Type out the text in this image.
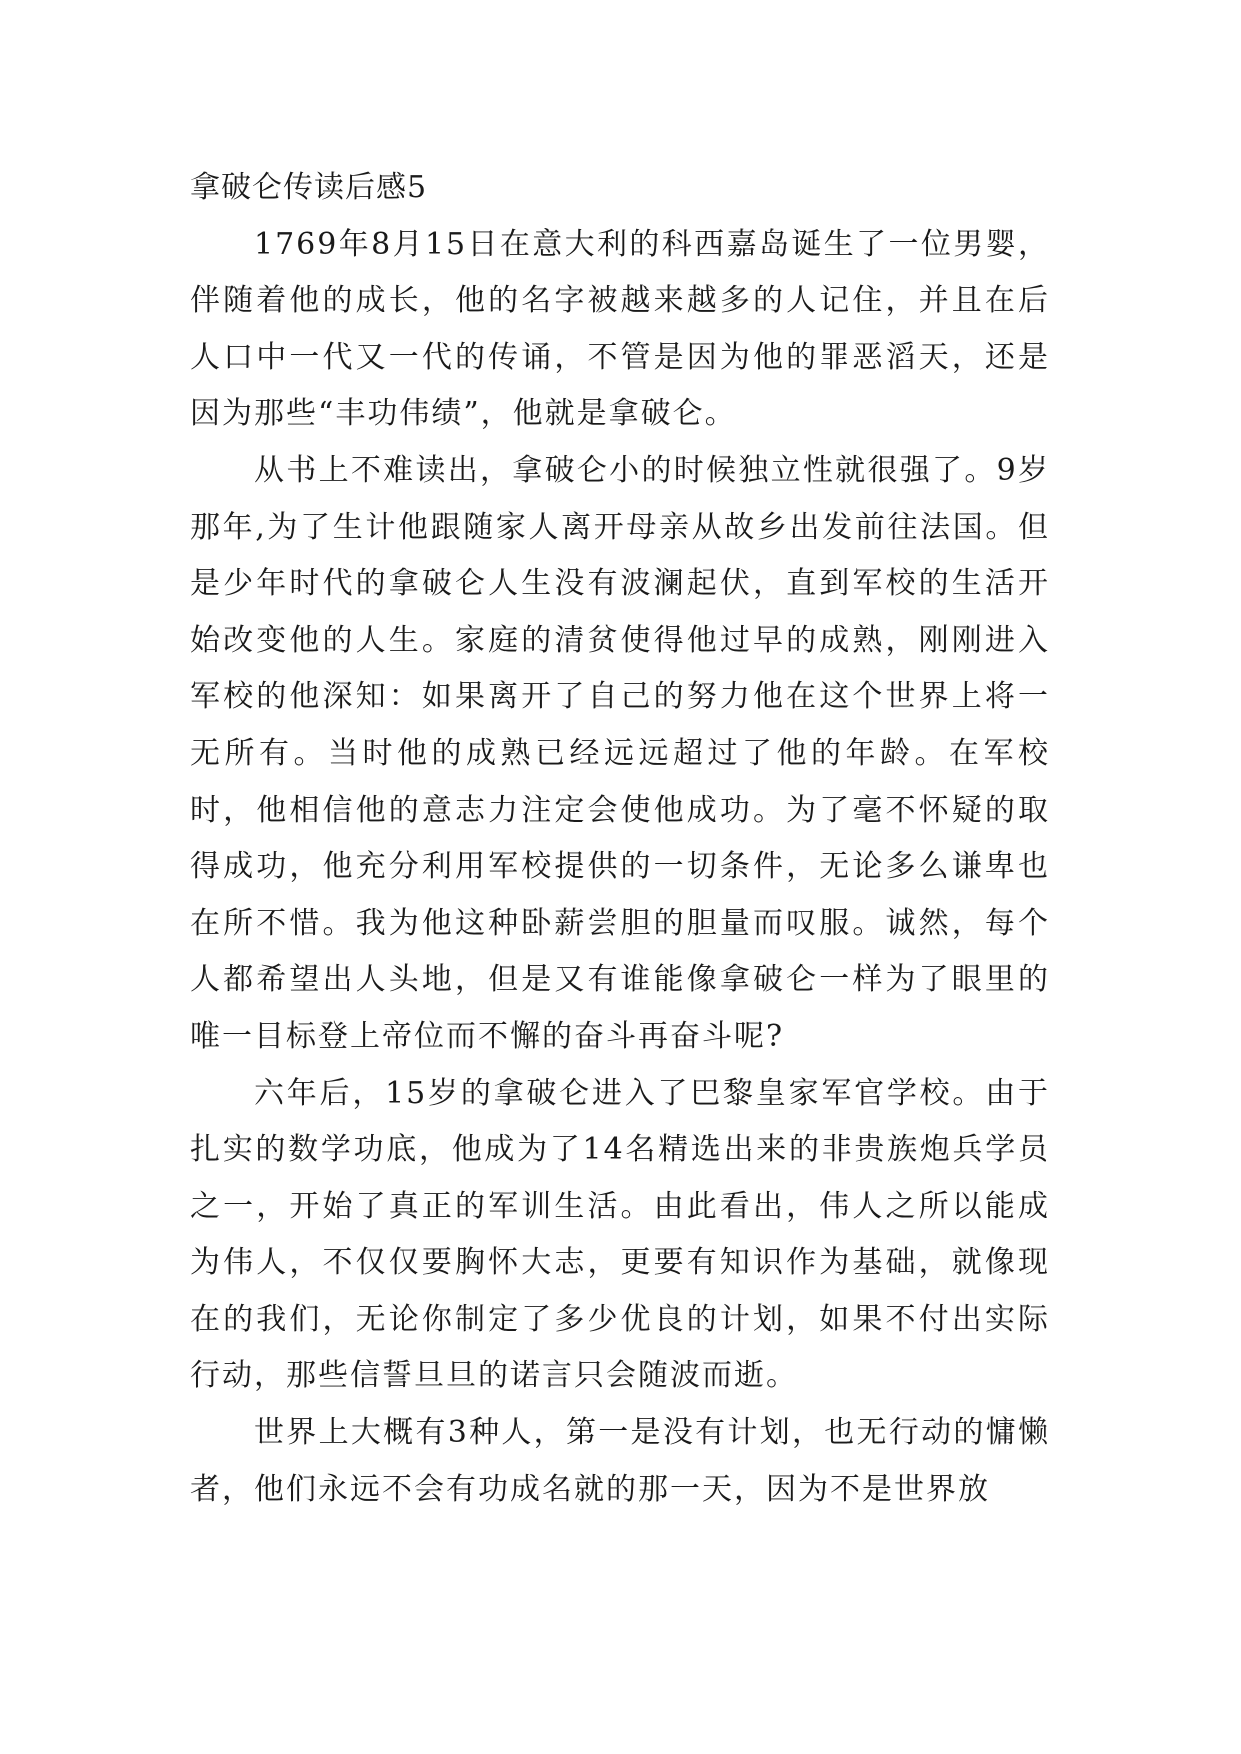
拿破仑传读后感5

1769年8月15日在意大利的科西嘉岛诞生了一位男婴，伴随着他的成长，他的名字被越来越多的人记住，并且在后人口中一代又一代的传诵，不管是因为他的罪恶滔天，还是因为那些“丰功伟绩”，他就是拿破仑。

从书上不难读出，拿破仑小的时候独立性就很强了。9岁那年,为了生计他跟随家人离开母亲从故乡出发前往法国。但是少年时代的拿破仑人生没有波澜起伏，直到军校的生活开始改变他的人生。家庭的清贫使得他过早的成熟，刚刚进入军校的他深知：如果离开了自己的努力他在这个世界上将一无所有。当时他的成熟已经远远超过了他的年龄。在军校时，他相信他的意志力注定会使他成功。为了毫不怀疑的取得成功，他充分利用军校提供的一切条件，无论多么谦卑也在所不惜。我为他这种卧薪尝胆的胆量而叹服。诚然，每个人都希望出人头地，但是又有谁能像拿破仑一样为了眼里的唯一目标登上帝位而不懈的奋斗再奋斗呢?

六年后，15岁的拿破仑进入了巴黎皇家军官学校。由于扎实的数学功底，他成为了14名精选出来的非贵族炮兵学员之一，开始了真正的军训生活。由此看出，伟人之所以能成为伟人，不仅仅要胸怀大志，更要有知识作为基础，就像现在的我们，无论你制定了多少优良的计划，如果不付出实际行动，那些信誓旦旦的诺言只会随波而逝。

世界上大概有3种人，第一是没有计划，也无行动的慵懒者，他们永远不会有功成名就的那一天，因为不是世界放
